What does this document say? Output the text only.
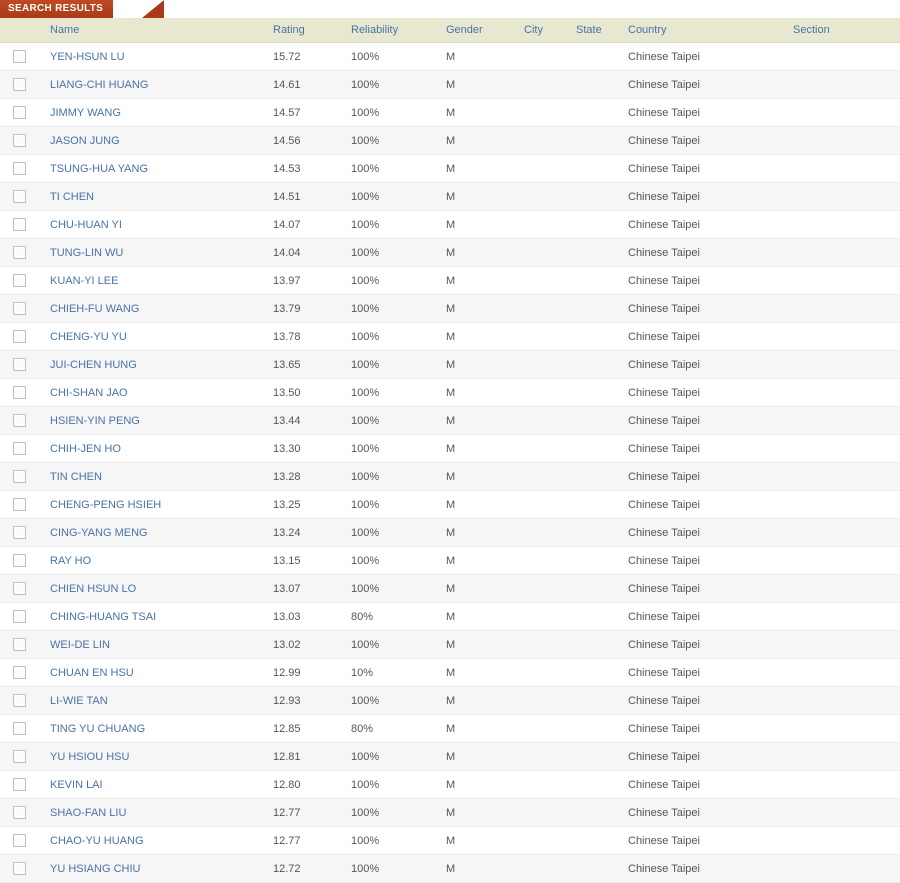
SEARCH RESULTS
	Name	Rating	Reliability	Gender	City	State	Country	Section
	YEN-HSUN LU	15.72	100%	M			Chinese Taipei	
	LIANG-CHI HUANG	14.61	100%	M			Chinese Taipei	
	JIMMY WANG	14.57	100%	M			Chinese Taipei	
	JASON JUNG	14.56	100%	M			Chinese Taipei	
	TSUNG-HUA YANG	14.53	100%	M			Chinese Taipei	
	TI CHEN	14.51	100%	M			Chinese Taipei	
	CHU-HUAN YI	14.07	100%	M			Chinese Taipei	
	TUNG-LIN WU	14.04	100%	M			Chinese Taipei	
	KUAN-YI LEE	13.97	100%	M			Chinese Taipei	
	CHIEH-FU WANG	13.79	100%	M			Chinese Taipei	
	CHENG-YU YU	13.78	100%	M			Chinese Taipei	
	JUI-CHEN HUNG	13.65	100%	M			Chinese Taipei	
	CHI-SHAN JAO	13.50	100%	M			Chinese Taipei	
	HSIEN-YIN PENG	13.44	100%	M			Chinese Taipei	
	CHIH-JEN HO	13.30	100%	M			Chinese Taipei	
	TIN CHEN	13.28	100%	M			Chinese Taipei	
	CHENG-PENG HSIEH	13.25	100%	M			Chinese Taipei	
	CING-YANG MENG	13.24	100%	M			Chinese Taipei	
	RAY HO	13.15	100%	M			Chinese Taipei	
	CHIEN HSUN LO	13.07	100%	M			Chinese Taipei	
	CHING-HUANG TSAI	13.03	80%	M			Chinese Taipei	
	WEI-DE LIN	13.02	100%	M			Chinese Taipei	
	CHUAN EN HSU	12.99	10%	M			Chinese Taipei	
	LI-WIE TAN	12.93	100%	M			Chinese Taipei	
	TING YU CHUANG	12.85	80%	M			Chinese Taipei	
	YU HSIOU HSU	12.81	100%	M			Chinese Taipei	
	KEVIN LAI	12.80	100%	M			Chinese Taipei	
	SHAO-FAN LIU	12.77	100%	M			Chinese Taipei	
	CHAO-YU HUANG	12.77	100%	M			Chinese Taipei	
	YU HSIANG CHIU	12.72	100%	M			Chinese Taipei	
